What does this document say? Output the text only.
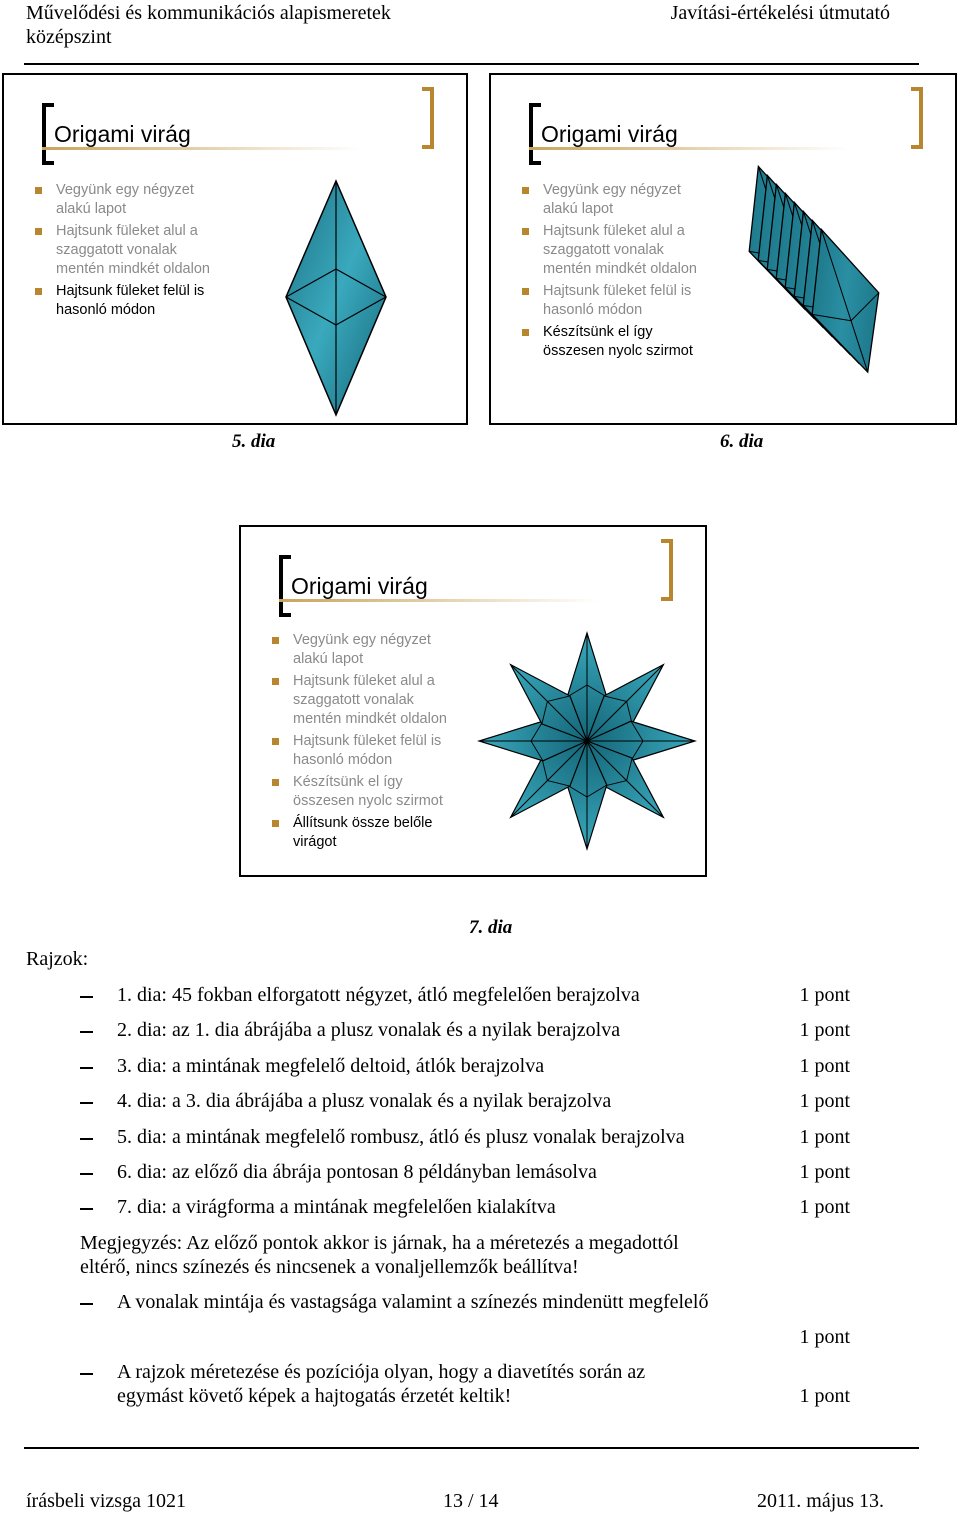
Művelődési és kommunikációs alapismeretek
középszint
Javítási-értékelési útmutató
Origami virág
Vegyünk egy négyzet
alakú lapot
Hajtsunk füleket alul a
szaggatott vonalak
mentén mindkét oldalon
Hajtsunk füleket felül is
hasonló módon
Origami virág
Vegyünk egy négyzet
alakú lapot
Hajtsunk füleket alul a
szaggatott vonalak
mentén mindkét oldalon
Hajtsunk füleket felül is
hasonló módon
Készítsünk el így
összesen nyolc szirmot
5. dia	6. dia
Origami virág
Vegyünk egy négyzet
alakú lapot
Hajtsunk füleket alul a
szaggatott vonalak
mentén mindkét oldalon
Hajtsunk füleket felül is
hasonló módon
Készítsünk el így
összesen nyolc szirmot
Állítsunk össze belőle
virágot
7. dia
Rajzok:
1. dia: 45 fokban elforgatott négyzet, átló megfelelően berajzolva	1 pont
2. dia: az 1. dia ábrájába a plusz vonalak és a nyilak berajzolva	1 pont
3. dia: a mintának megfelelő deltoid, átlók berajzolva	1 pont
4. dia: a 3. dia ábrájába a plusz vonalak és a nyilak berajzolva	1 pont
5. dia: a mintának megfelelő rombusz, átló és plusz vonalak berajzolva	1 pont
6. dia: az előző dia ábrája pontosan 8 példányban lemásolva	1 pont
7. dia: a virágforma a mintának megfelelően kialakítva	1 pont
Megjegyzés: Az előző pontok akkor is járnak, ha a méretezés a megadottól
eltérő, nincs színezés és nincsenek a vonaljellemzők beállítva!
A vonalak mintája és vastagsága valamint a színezés mindenütt megfelelő
1 pont
A rajzok méretezése és pozíciója olyan, hogy a diavetítés során az
egymást követő képek a hajtogatás érzetét keltik!	1 pont
írásbeli vizsga 1021	13 / 14	2011. május 13.
